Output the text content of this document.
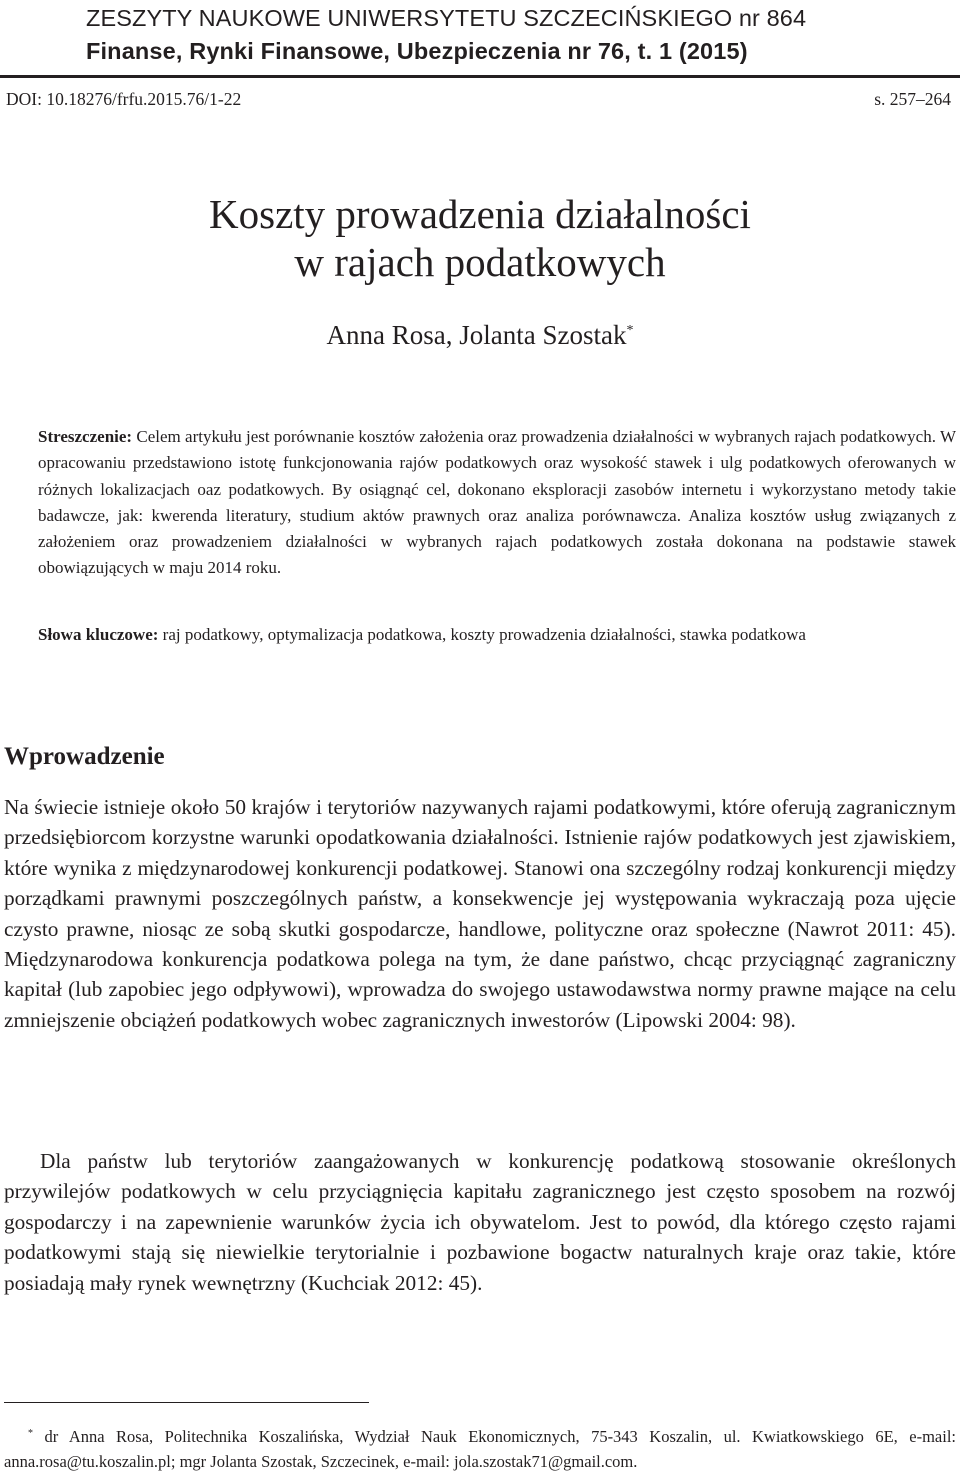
ZESZYTY NAUKOWE UNIWERSYTETU SZCZECIŃSKIEGO nr 864
Finanse, Rynki Finansowe, Ubezpieczenia nr 76, t. 1 (2015)
DOI: 10.18276/frfu.2015.76/1-22	s. 257–264
Koszty prowadzenia działalności
w rajach podatkowych
Anna Rosa, Jolanta Szostak*
Streszczenie: Celem artykułu jest porównanie kosztów założenia oraz prowadzenia działalności w wybranych rajach podatkowych. W opracowaniu przedstawiono istotę funkcjonowania rajów podatkowych oraz wysokość stawek i ulg podatkowych oferowanych w różnych lokalizacjach oaz podatkowych. By osiągnąć cel, dokonano eksploracji zasobów internetu i wykorzystano metody takie badawcze, jak: kwerenda literatury, studium aktów prawnych oraz analiza porównawcza. Analiza kosztów usług związanych z założeniem oraz prowadzeniem działalności w wybranych rajach podatkowych została dokonana na podstawie stawek obowiązujących w maju 2014 roku.
Słowa kluczowe: raj podatkowy, optymalizacja podatkowa, koszty prowadzenia działalności, stawka podatkowa
Wprowadzenie

Na świecie istnieje około 50 krajów i terytoriów nazywanych rajami podatkowymi, które oferują zagranicznym przedsiębiorcom korzystne warunki opodatkowania działalności. Istnienie rajów podatkowych jest zjawiskiem, które wynika z międzynarodowej konkurencji podatkowej. Stanowi ona szczególny rodzaj konkurencji między porządkami prawnymi poszczególnych państw, a konsekwencje jej występowania wykraczają poza ujęcie czysto prawne, niosąc ze sobą skutki gospodarcze, handlowe, polityczne oraz społeczne (Nawrot 2011: 45). Międzynarodowa konkurencja podatkowa polega na tym, że dane państwo, chcąc przyciągnąć zagraniczny kapitał (lub zapobiec jego odpływowi), wprowadza do swojego ustawodawstwa normy prawne mające na celu zmniejszenie obciążeń podatkowych wobec zagranicznych inwestorów (Lipowski 2004: 98).

Dla państw lub terytoriów zaangażowanych w konkurencję podatkową stosowanie określonych przywilejów podatkowych w celu przyciągnięcia kapitału zagranicznego jest często sposobem na rozwój gospodarczy i na zapewnienie warunków życia ich obywatelom. Jest to powód, dla którego często rajami podatkowymi stają się niewielkie terytorialnie i pozbawione bogactw naturalnych kraje oraz takie, które posiadają mały rynek wewnętrzny (Kuchciak 2012: 45).

* dr Anna Rosa, Politechnika Koszalińska, Wydział Nauk Ekonomicznych, 75-343 Koszalin, ul. Kwiatkowskiego 6E, e-mail: anna.rosa@tu.koszalin.pl; mgr Jolanta Szostak, Szczecinek, e-mail: jola.szostak71@gmail.com.
